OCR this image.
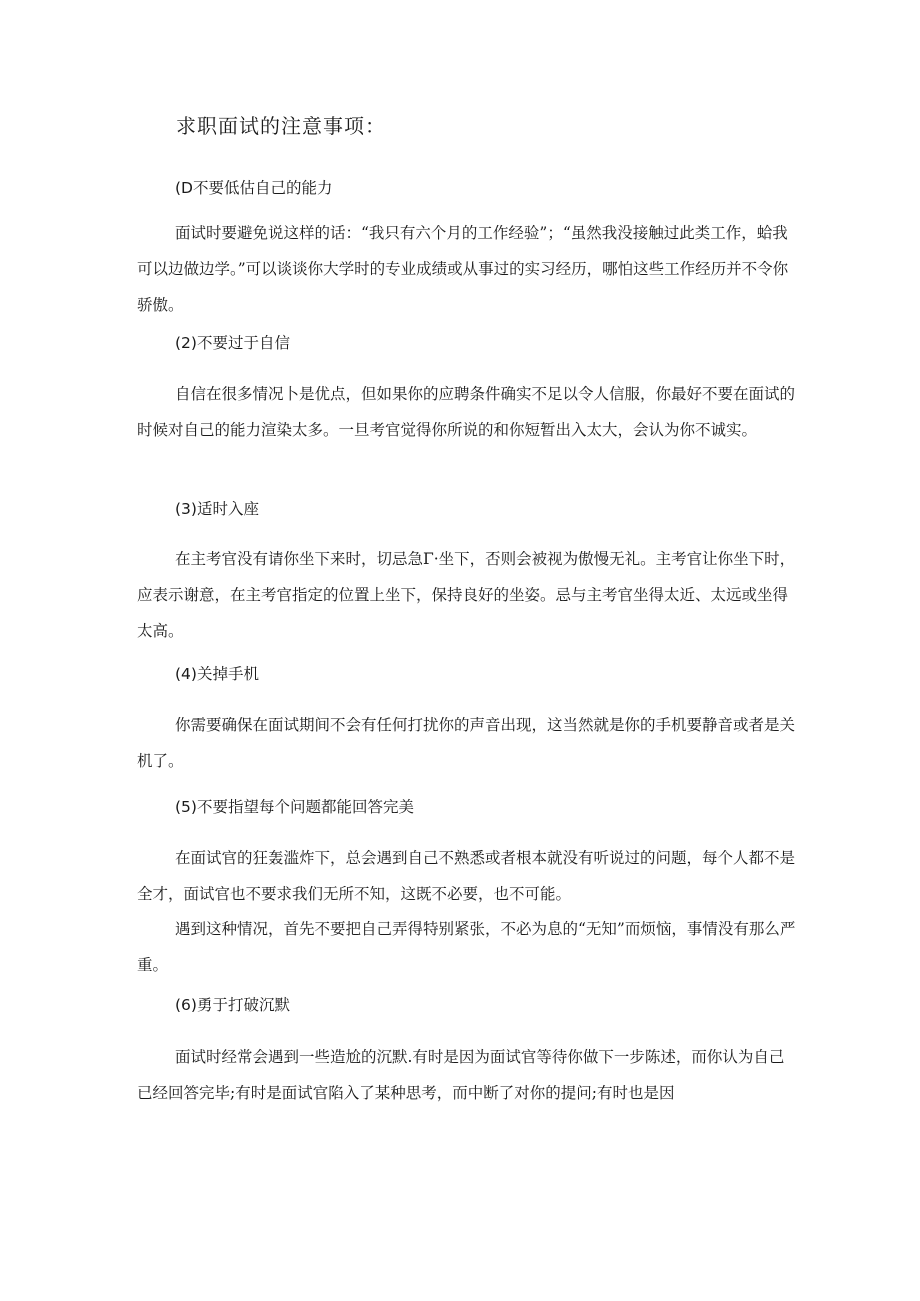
求职面试的注意事项：
(D不要低估自己的能力

面试时要避免说这样的话：“我只有六个月的工作经验”；“虽然我没接触过此类工作，蛤我可以边做边学。”可以谈谈你大学时的专业成绩或从事过的实习经历，哪怕这些工作经历并不令你骄傲。

(2)不要过于自信

自信在很多情况卜是优点，但如果你的应聘条件确实不足以令人信服，你最好不要在面试的时候对自己的能力渲染太多。一旦考官觉得你所说的和你短暂出入太大，会认为你不诚实。

(3)适时入座

在主考官没有请你坐下来时，切忌急Γ·坐下，否则会被视为傲慢无礼。主考官让你坐下时，应表示谢意，在主考官指定的位置上坐下，保持良好的坐姿。忌与主考官坐得太近、太远或坐得太高。

(4)关掉手机

你需要确保在面试期间不会有任何打扰你的声音出现，这当然就是你的手机要静音或者是关机了。

(5)不要指望每个问题都能回答完美

在面试官的狂轰滥炸下，总会遇到自己不熟悉或者根本就没有听说过的问题，每个人都不是全才，面试官也不要求我们无所不知，这既不必要，也不可能。

遇到这种情况，首先不要把自己弄得特别紧张，不必为息的“无知”而烦恼，事情没有那么严重。

(6)勇于打破沉默

面试时经常会遇到一些造尬的沉默.有时是因为面试官等待你做下一步陈述，而你认为自己已经回答完毕;有时是面试官陷入了某种思考，而中断了对你的提问;有时也是因
